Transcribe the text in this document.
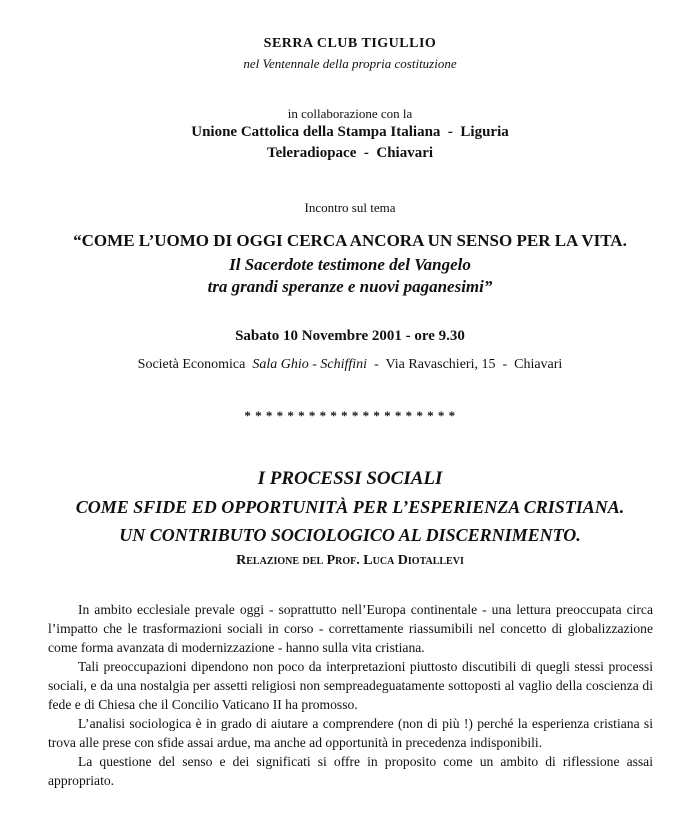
SERRA CLUB TIGULLIO
nel Ventennale della propria costituzione
in collaborazione con la
Unione Cattolica della Stampa Italiana  -  Liguria
Teleradiopace  -  Chiavari
Incontro sul tema
“COME L’UOMO DI OGGI CERCA ANCORA UN SENSO PER LA VITA.
Il Sacerdote testimone del Vangelo
tra grandi speranze e nuovi paganesimi”
Sabato 10 Novembre 2001 - ore 9.30
Società Economica Sala Ghio - Schiffini  -  Via Ravaschieri, 15  -  Chiavari
* * * * * * * * * * * * * * * * * * * *
I PROCESSI SOCIALI
COME SFIDE ED OPPORTUNITÀ PER L’ESPERIENZA CRISTIANA.
UN CONTRIBUTO SOCIOLOGICO AL DISCERNIMENTO.
Relazione del Prof. Luca Diotallevi

In ambito ecclesiale prevale oggi - soprattutto nell’Europa continentale - una lettura preoccupata circa l’impatto che le trasformazioni sociali in corso - correttamente riassumibili nel concetto di globalizzazione come forma avanzata di modernizzazione - hanno sulla vita cristiana.

Tali preoccupazioni dipendono non poco da interpretazioni piuttosto discutibili di quegli stessi processi sociali, e da una nostalgia per assetti religiosi non sempreadeguatamente sottoposti al vaglio della coscienza di fede e di Chiesa che il Concilio Vaticano II ha promosso.

L’analisi sociologica è in grado di aiutare a comprendere (non di più !) perché la esperienza cristiana si trova alle prese con sfide assai ardue, ma anche ad opportunità in precedenza indisponibili.

La questione del senso e dei significati si offre in proposito come un ambito di riflessione assai appropriato.
